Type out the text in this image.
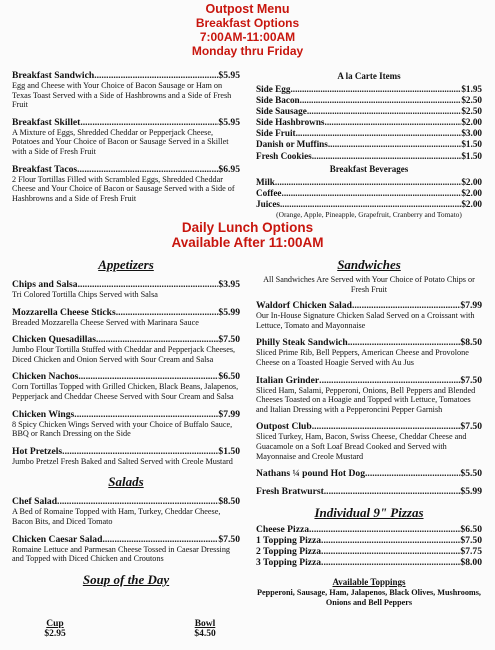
Outpost Menu
Breakfast Options
7:00AM-11:00AM
Monday thru Friday
Breakfast Sandwich .....	$5.95
Egg and Cheese with Your Choice of Bacon Sausage or Ham on Texas Toast Served with a Side of Hashbrowns and a Side of Fresh Fruit
Breakfast Skillet .....	$5.95
A Mixture of Eggs, Shredded Cheddar or Pepperjack Cheese, Potatoes and Your Choice of Bacon or Sausage Served in a Skillet with a Side of Fresh Fruit
Breakfast Tacos .....	$6.95
2 Flour Tortillas Filled with Scrambled Eggs, Shredded Cheddar Cheese and Your Choice of Bacon or Sausage Served with a Side of Hashbrowns and a Side of Fresh Fruit
A la Carte Items
Side Egg .....	$1.95
Side Bacon .....	$2.50
Side Sausage .....	$2.50
Side Hashbrowns .....	$2.00
Side Fruit .....	$3.00
Danish or Muffins .....	$1.50
Fresh Cookies .....	$1.50
Breakfast Beverages
Milk .....	$2.00
Coffee .....	$2.00
Juices .....	$2.00
(Orange, Apple, Pineapple, Grapefruit, Cranberry and Tomato)
Daily Lunch Options
Available After 11:00AM
Appetizers
Chips and Salsa .....	$3.95
Tri Colored Tortilla Chips Served with Salsa
Mozzarella Cheese Sticks .....	$5.99
Breaded Mozzarella Cheese Served with Marinara Sauce
Chicken Quesadillas .....	$7.50
Jumbo Flour Tortilla Stuffed with Cheddar and Pepperjack Cheeses, Diced Chicken and Onion Served with Sour Cream and Salsa
Chicken Nachos .....	$6.50
Corn Tortillas Topped with Grilled Chicken, Black Beans, Jalapenos, Pepperjack and Cheddar Cheese Served with Sour Cream and Salsa
Chicken Wings .....	$7.99
8 Spicy Chicken Wings Served with your Choice of Buffalo Sauce, BBQ or Ranch Dressing on the Side
Hot Pretzels .....	$1.50
Jumbo Pretzel Fresh Baked and Salted Served with Creole Mustard
Salads
Chef Salad .....	$8.50
A Bed of Romaine Topped with Ham, Turkey, Cheddar Cheese, Bacon Bits, and Diced Tomato
Chicken Caesar Salad .....	$7.50
Romaine Lettuce and Parmesan Cheese Tossed in Caesar Dressing and Topped with Diced Chicken and Croutons
Soup of the Day
Cup
$2.95
Bowl
$4.50
Sandwiches
All Sandwiches Are Served with Your Choice of Potato Chips or Fresh Fruit
Waldorf Chicken Salad .....	$7.99
Our In-House Signature Chicken Salad Served on a Croissant with Lettuce, Tomato and Mayonnaise
Philly Steak Sandwich .....	$8.50
Sliced Prime Rib, Bell Peppers, American Cheese and Provolone Cheese on a Toasted Hoagie Served with Au Jus
Italian Grinder .....	$7.50
Sliced Ham, Salami, Pepperoni, Onions, Bell Peppers and Blended Cheeses Toasted on a Hoagie and Topped with Lettuce, Tomatoes and Italian Dressing with a Pepperoncini Pepper Garnish
Outpost Club .....	$7.50
Sliced Turkey, Ham, Bacon, Swiss Cheese, Cheddar Cheese and Guacamole on a Soft Loaf Bread Cooked and Served with Mayonnaise and Creole Mustard
Nathans ¼ pound Hot Dog .....	$5.50
Fresh Bratwurst .....	$5.99
Individual 9" Pizzas
Cheese Pizza .....	$6.50
1 Topping Pizza .....	$7.50
2 Topping Pizza .....	$7.75
3 Topping Pizza .....	$8.00
Available Toppings
Pepperoni, Sausage, Ham, Jalapenos, Black Olives, Mushrooms, Onions and Bell Peppers
